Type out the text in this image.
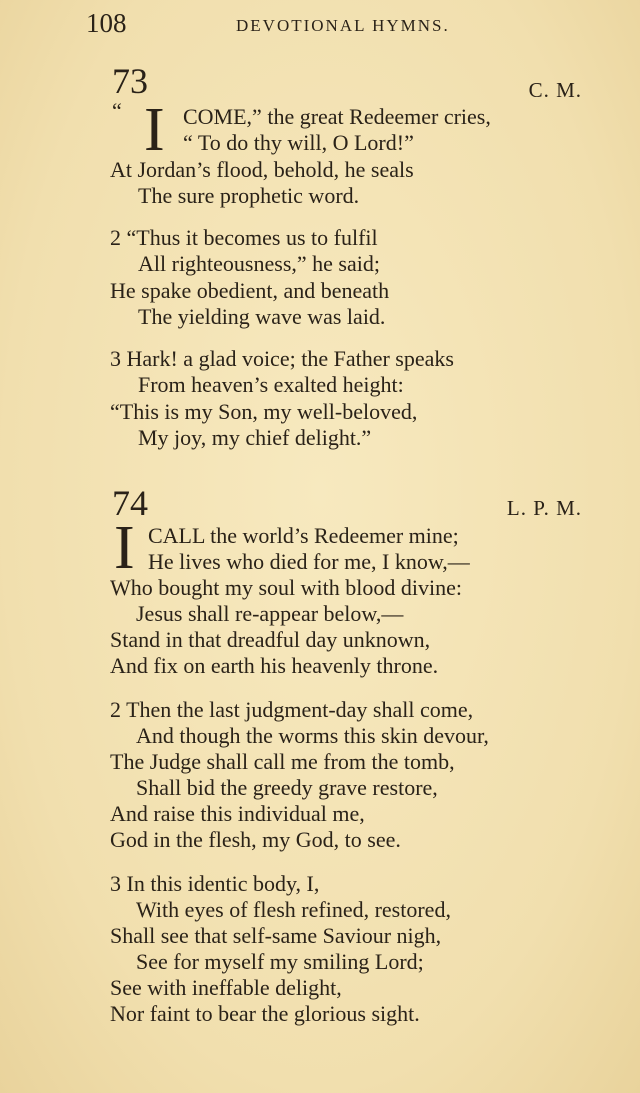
108	DEVOTIONAL HYMNS.
73	C. M.
“ I COME,” the great Redeemer cries,
“ To do thy will, O Lord!”
At Jordan’s flood, behold, he seals
The sure prophetic word.
2 “Thus it becomes us to fulfil
All righteousness,” he said;
He spake obedient, and beneath
The yielding wave was laid.
3 Hark! a glad voice; the Father speaks
From heaven’s exalted height:
“This is my Son, my well-beloved,
My joy, my chief delight.”
74	L. P. M.
I CALL the world’s Redeemer mine;
He lives who died for me, I know,—
Who bought my soul with blood divine:
Jesus shall re-appear below,—
Stand in that dreadful day unknown,
And fix on earth his heavenly throne.
2 Then the last judgment-day shall come,
And though the worms this skin devour,
The Judge shall call me from the tomb,
Shall bid the greedy grave restore,
And raise this individual me,
God in the flesh, my God, to see.
3 In this identic body, I,
With eyes of flesh refined, restored,
Shall see that self-same Saviour nigh,
See for myself my smiling Lord;
See with ineffable delight,
Nor faint to bear the glorious sight.
